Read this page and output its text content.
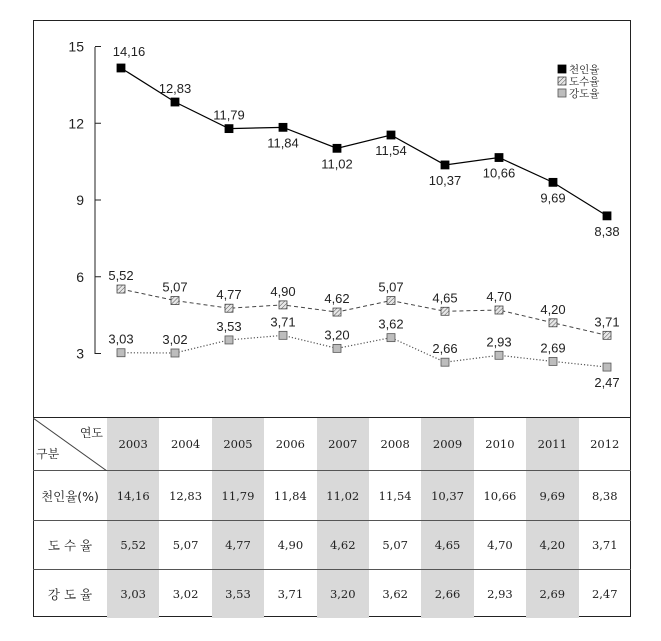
3
6
9
12
15 14,16
12,83
11,79
11,84
11,02
11,54
10,37 10,66
9,69
8,38
5,52
5,07
4,77 4,90 4,62
5,07
4,65 4,70
4,20
3,71
3,03 3,02
3,53 3,71
3,20
3,62
2,66 2,93 2,69
2,47
천인율
도수율
강도율
연도
구분	2003	2004	2005	2006	2007	2008	2009	2010	2011	2012
천인율(%)	14,16	12,83	11,79	11,84	11,02	11,54	10,37	10,66	9,69	8,38
도 수 율	5,52	5,07	4,77	4,90	4,62	5,07	4,65	4,70	4,20	3,71
강 도 율	3,03	3,02	3,53	3,71	3,20	3,62	2,66	2,93	2,69	2,47
